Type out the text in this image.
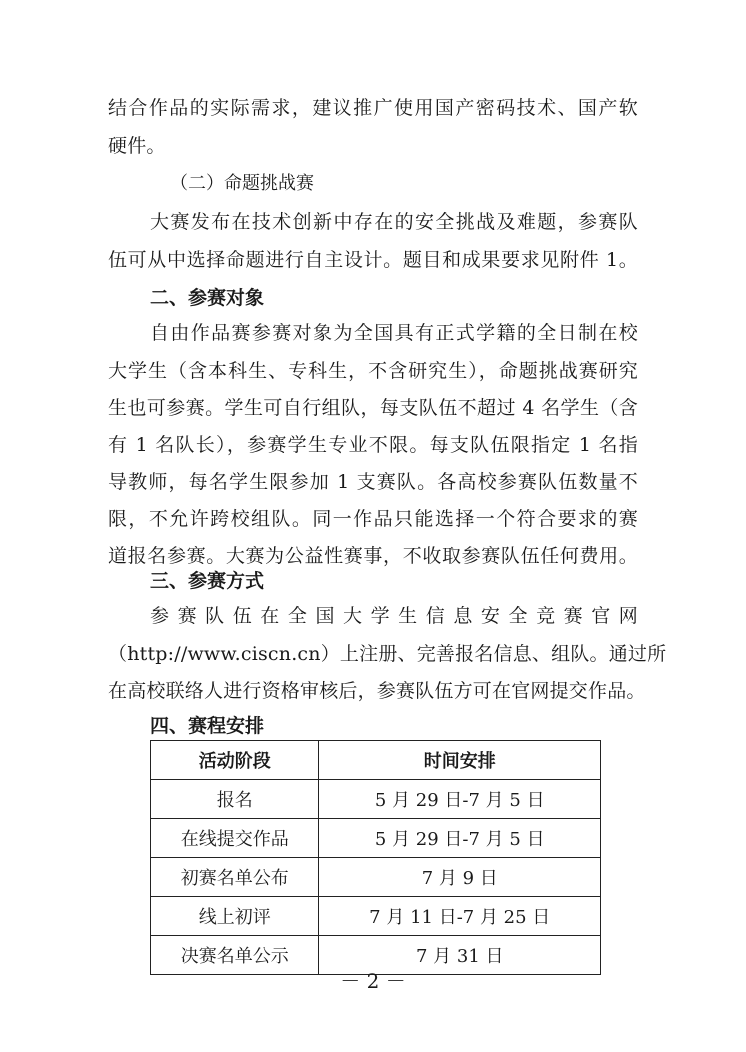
结合作品的实际需求，建议推广使用国产密码技术、国产软
硬件。
（二）命题挑战赛
大赛发布在技术创新中存在的安全挑战及难题，参赛队
伍可从中选择命题进行自主设计。题目和成果要求见附件 1。
二、参赛对象
自由作品赛参赛对象为全国具有正式学籍的全日制在校
大学生（含本科生、专科生，不含研究生），命题挑战赛研究
生也可参赛。学生可自行组队，每支队伍不超过 4 名学生（含
有 1 名队长），参赛学生专业不限。每支队伍限指定 1 名指
导教师，每名学生限参加 1 支赛队。各高校参赛队伍数量不
限，不允许跨校组队。同一作品只能选择一个符合要求的赛
道报名参赛。大赛为公益性赛事，不收取参赛队伍任何费用。
三、参赛方式
参赛队伍在全国大学生信息安全竞赛官网
（http://www.ciscn.cn）上注册、完善报名信息、组队。通过所
在高校联络人进行资格审核后，参赛队伍方可在官网提交作品。
四、赛程安排
活动阶段	时间安排
报名	5 月 29 日-7 月 5 日
在线提交作品	5 月 29 日-7 月 5 日
初赛名单公布	7 月 9 日
线上初评	7 月 11 日-7 月 25 日
决赛名单公示	7 月 31 日
－ 2 －
